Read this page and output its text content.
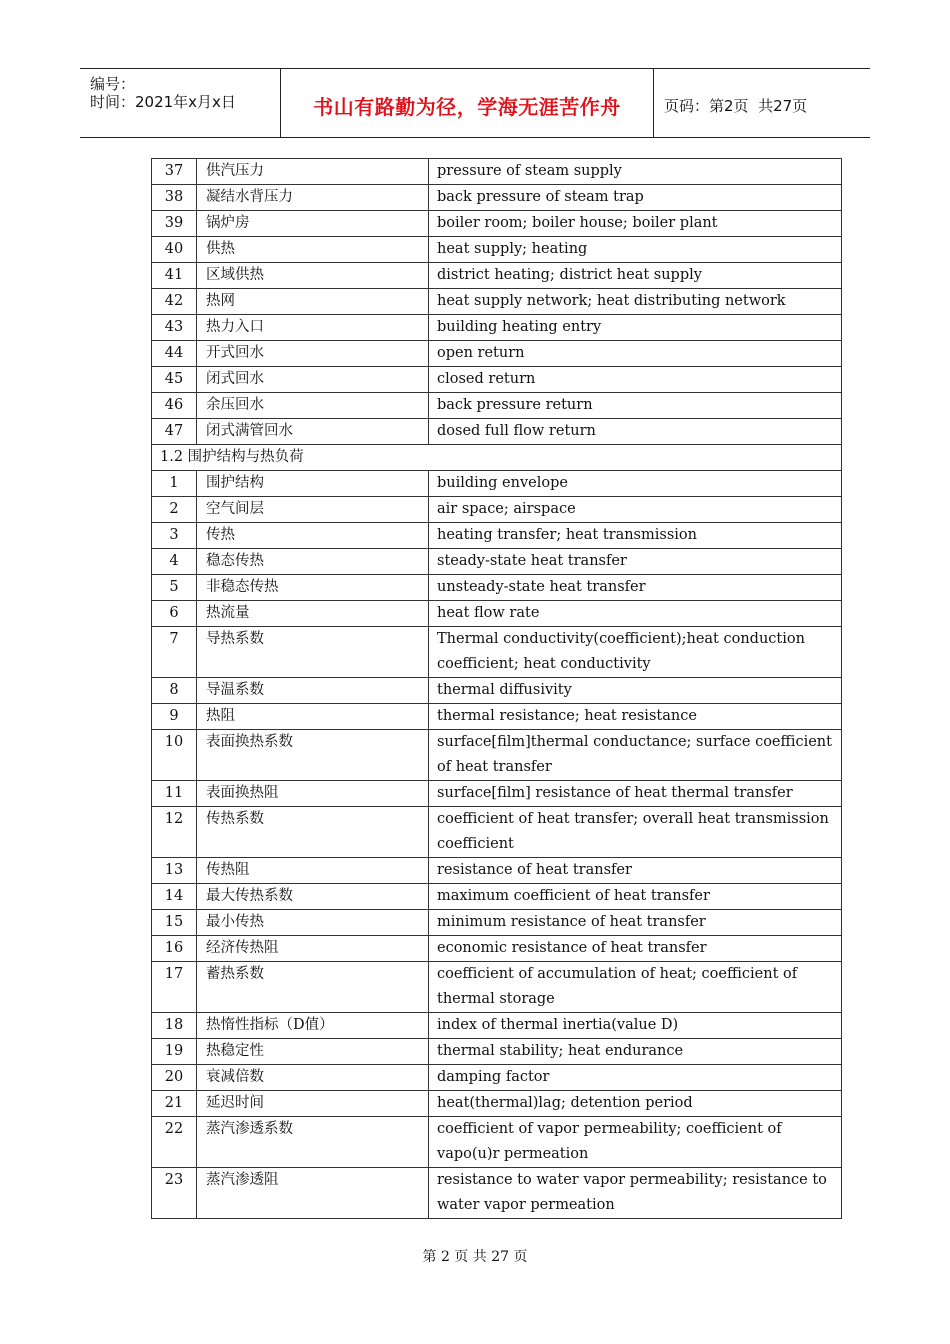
编号：
时间：2021年x月x日	书山有路勤为径，学海无涯苦作舟	页码：第2页  共27页
37	供汽压力	pressure of steam supply
38	凝结水背压力	back pressure of steam trap
39	锅炉房	boiler room; boiler house; boiler plant
40	供热	heat supply; heating
41	区域供热	district heating; district heat supply
42	热网	heat supply network; heat distributing network
43	热力入口	building heating entry
44	开式回水	open return
45	闭式回水	closed return
46	余压回水	back pressure return
47	闭式满管回水	dosed full flow return
1.2 围护结构与热负荷		
1	围护结构	building envelope
2	空气间层	air space; airspace
3	传热	heating transfer; heat transmission
4	稳态传热	steady-state heat transfer
5	非稳态传热	unsteady-state heat transfer
6	热流量	heat flow rate
7	导热系数	Thermal conductivity(coefficient);heat conduction coefficient; heat conductivity
8	导温系数	thermal diffusivity
9	热阻	thermal resistance; heat resistance
10	表面换热系数	surface[film]thermal conductance; surface coefficient of heat transfer
11	表面换热阻	surface[film] resistance of heat thermal transfer
12	传热系数	coefficient of heat transfer; overall heat transmission coefficient
13	传热阻	resistance of heat transfer
14	最大传热系数	maximum coefficient of heat transfer
15	最小传热	minimum resistance of heat transfer
16	经济传热阻	economic resistance of heat transfer
17	蓄热系数	coefficient of accumulation of heat; coefficient of thermal storage
18	热惰性指标（D值）	index of thermal inertia(value D)
19	热稳定性	thermal stability; heat endurance
20	衰减倍数	damping factor
21	延迟时间	heat(thermal)lag; detention period
22	蒸汽渗透系数	coefficient of vapor permeability; coefficient of vapo(u)r permeation
23	蒸汽渗透阻	resistance to water vapor permeability; resistance to water vapor permeation
第 2 页 共 27 页
